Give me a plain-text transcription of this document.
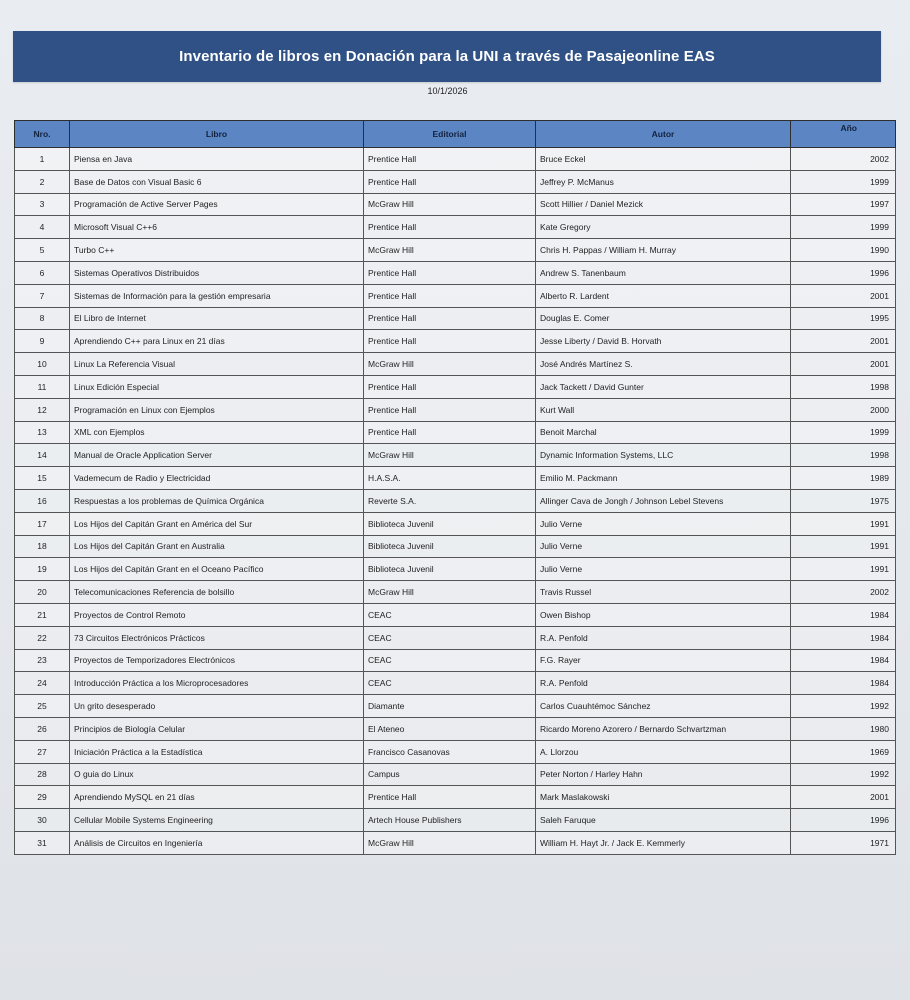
Inventario de libros en Donación para la UNI a través de Pasajeonline EAS
10/1/2026
Nro.	Libro	Editorial	Autor	Año
1	Piensa en Java	Prentice Hall	Bruce Eckel	2002
2	Base de Datos con Visual Basic 6	Prentice Hall	Jeffrey P. McManus	1999
3	Programación de Active Server Pages	McGraw Hill	Scott Hillier / Daniel Mezick	1997
4	Microsoft Visual C++6	Prentice Hall	Kate Gregory	1999
5	Turbo C++	McGraw Hill	Chris H. Pappas / William H. Murray	1990
6	Sistemas Operativos Distribuidos	Prentice Hall	Andrew S. Tanenbaum	1996
7	Sistemas de Información para la gestión empresaria	Prentice Hall	Alberto R. Lardent	2001
8	El Libro de Internet	Prentice Hall	Douglas E. Comer	1995
9	Aprendiendo C++ para Linux en 21 días	Prentice Hall	Jesse Liberty / David B. Horvath	2001
10	Linux La Referencia Visual	McGraw Hill	José Andrés Martínez S.	2001
11	Linux Edición Especial	Prentice Hall	Jack Tackett / David Gunter	1998
12	Programación en Linux con Ejemplos	Prentice Hall	Kurt Wall	2000
13	XML con Ejemplos	Prentice Hall	Benoit Marchal	1999
14	Manual de Oracle Application Server	McGraw Hill	Dynamic Information Systems, LLC	1998
15	Vademecum de Radio y Electricidad	H.A.S.A.	Emilio M. Packmann	1989
16	Respuestas a los problemas de Química Orgánica	Reverte S.A.	Allinger Cava de Jongh / Johnson Lebel Stevens	1975
17	Los Hijos del Capitán Grant en América del Sur	Biblioteca Juvenil	Julio Verne	1991
18	Los Hijos del Capitán Grant en Australia	Biblioteca Juvenil	Julio Verne	1991
19	Los Hijos del Capitán Grant en el Oceano Pacífico	Biblioteca Juvenil	Julio Verne	1991
20	Telecomunicaciones Referencia de bolsillo	McGraw Hill	Travis Russel	2002
21	Proyectos de Control Remoto	CEAC	Owen Bishop	1984
22	73 Circuitos Electrónicos Prácticos	CEAC	R.A. Penfold	1984
23	Proyectos de Temporizadores Electrónicos	CEAC	F.G. Rayer	1984
24	Introducción Práctica a los Microprocesadores	CEAC	R.A. Penfold	1984
25	Un grito desesperado	Diamante	Carlos Cuauhtémoc Sánchez	1992
26	Principios de Biología Celular	El Ateneo	Ricardo Moreno Azorero / Bernardo Schvartzman	1980
27	Iniciación Práctica a la Estadística	Francisco Casanovas	A. Llorzou	1969
28	O guia do Linux	Campus	Peter Norton / Harley Hahn	1992
29	Aprendiendo MySQL en 21 días	Prentice Hall	Mark Maslakowski	2001
30	Cellular Mobile Systems Engineering	Artech House Publishers	Saleh Faruque	1996
31	Análisis de Circuitos en Ingeniería	McGraw Hill	William H. Hayt Jr. / Jack E. Kemmerly	1971
